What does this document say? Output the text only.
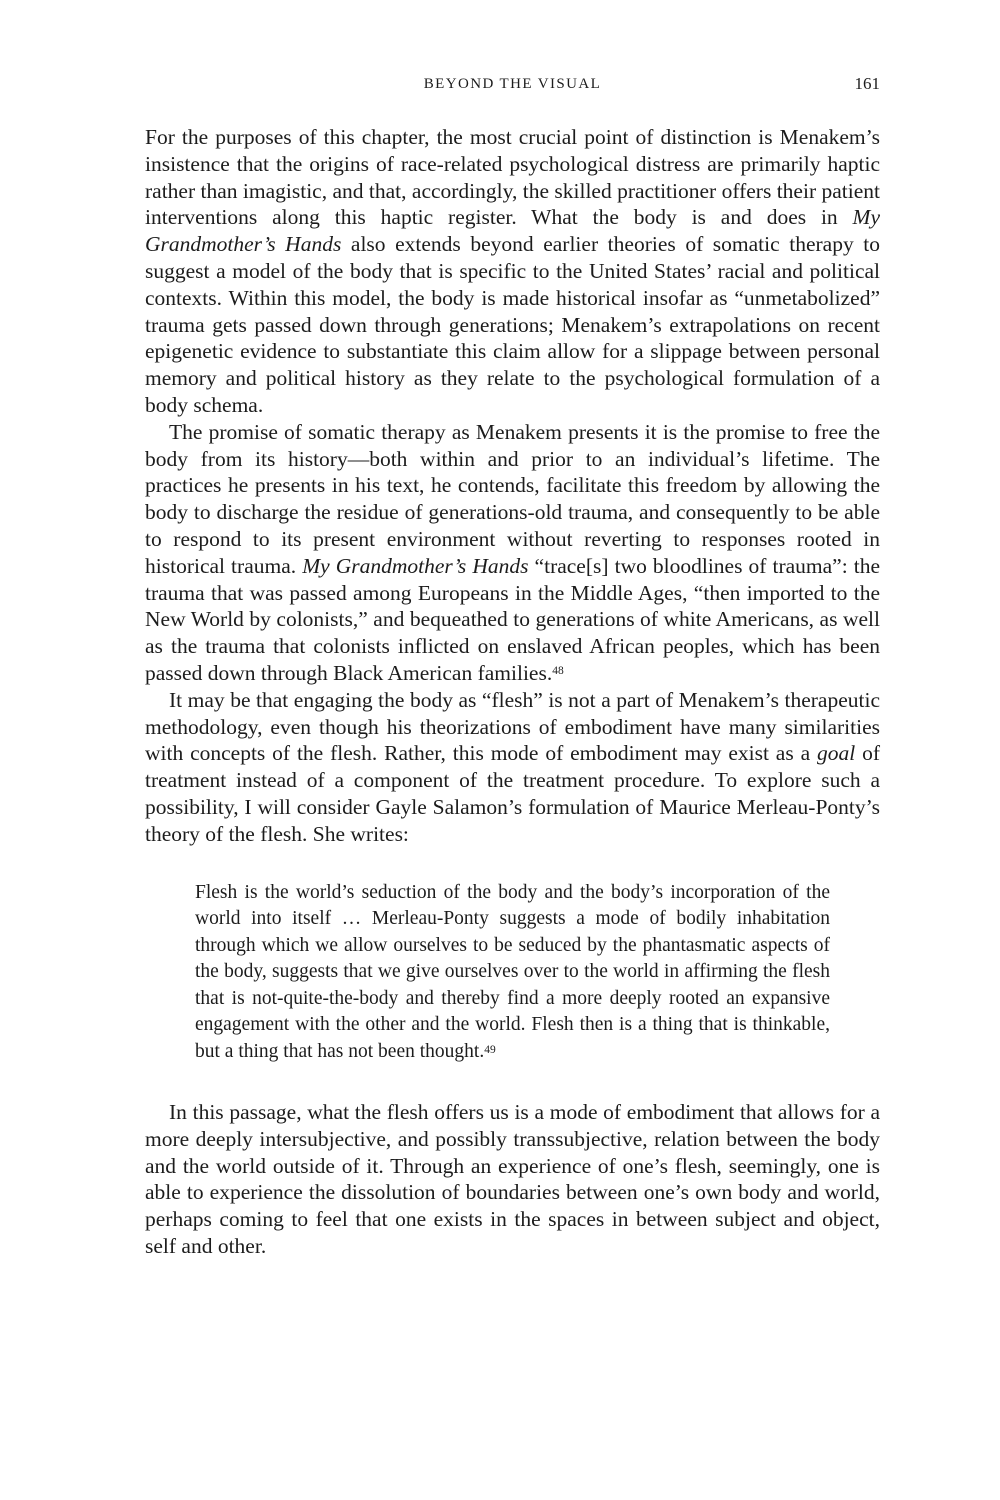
BEYOND THE VISUAL	161

For the purposes of this chapter, the most crucial point of distinction is Menakem’s insistence that the origins of race-related psychological distress are primarily haptic rather than imagistic, and that, accordingly, the skilled practitioner offers their patient interventions along this haptic register. What the body is and does in My Grandmother’s Hands also extends beyond earlier theories of somatic therapy to suggest a model of the body that is specific to the United States’ racial and political contexts. Within this model, the body is made historical insofar as “unmetabolized” trauma gets passed down through generations; Menakem’s extrapolations on recent epigenetic evidence to substantiate this claim allow for a slippage between personal memory and political history as they relate to the psychological formulation of a body schema.

The promise of somatic therapy as Menakem presents it is the promise to free the body from its history—both within and prior to an individual’s lifetime. The practices he presents in his text, he contends, facilitate this freedom by allowing the body to discharge the residue of generations-old trauma, and consequently to be able to respond to its present environment without reverting to responses rooted in historical trauma. My Grandmother’s Hands “trace[s] two bloodlines of trauma”: the trauma that was passed among Europeans in the Middle Ages, “then imported to the New World by colonists,” and bequeathed to generations of white Americans, as well as the trauma that colonists inflicted on enslaved African peoples, which has been passed down through Black American families.$^{48}$

It may be that engaging the body as “flesh” is not a part of Menakem’s therapeutic methodology, even though his theorizations of embodiment have many similarities with concepts of the flesh. Rather, this mode of embodiment may exist as a goal of treatment instead of a component of the treatment procedure. To explore such a possibility, I will consider Gayle Salamon’s formulation of Maurice Merleau-Ponty’s theory of the flesh. She writes:

Flesh is the world’s seduction of the body and the body’s incorporation of the world into itself … Merleau-Ponty suggests a mode of bodily inhabitation through which we allow ourselves to be seduced by the phantasmatic aspects of the body, suggests that we give ourselves over to the world in affirming the flesh that is not-quite-the-body and thereby find a more deeply rooted an expansive engagement with the other and the world. Flesh then is a thing that is thinkable, but a thing that has not been thought.$^{49}$

In this passage, what the flesh offers us is a mode of embodiment that allows for a more deeply intersubjective, and possibly transsubjective, relation between the body and the world outside of it. Through an experience of one’s flesh, seemingly, one is able to experience the dissolution of boundaries between one’s own body and world, perhaps coming to feel that one exists in the spaces in between subject and object, self and other.
